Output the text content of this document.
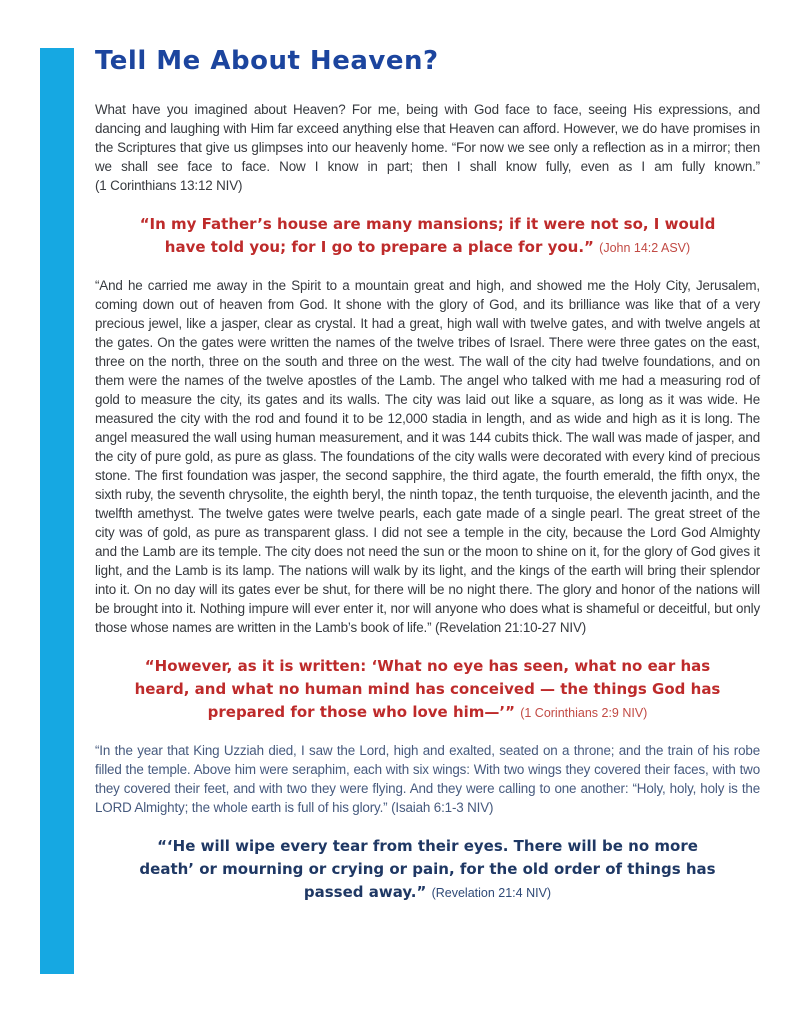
Tell Me About Heaven?

What have you imagined about Heaven? For me, being with God face to face, seeing His expressions, and dancing and laughing with Him far exceed anything else that Heaven can afford. However, we do have promises in the Scriptures that give us glimpses into our heavenly home. “For now we see only a reflection as in a mirror; then we shall see face to face. Now I know in part; then I shall know fully, even as I am fully known.” (1 Corinthians 13:12 NIV)

“In my Father’s house are many mansions; if it were not so, I would have told you; for I go to prepare a place for you.” (John 14:2 ASV)

“And he carried me away in the Spirit to a mountain great and high, and showed me the Holy City, Jerusalem, coming down out of heaven from God. It shone with the glory of God, and its brilliance was like that of a very precious jewel, like a jasper, clear as crystal. It had a great, high wall with twelve gates, and with twelve angels at the gates. On the gates were written the names of the twelve tribes of Israel. There were three gates on the east, three on the north, three on the south and three on the west. The wall of the city had twelve foundations, and on them were the names of the twelve apostles of the Lamb. The angel who talked with me had a measuring rod of gold to measure the city, its gates and its walls. The city was laid out like a square, as long as it was wide. He measured the city with the rod and found it to be 12,000 stadia in length, and as wide and high as it is long. The angel measured the wall using human measurement, and it was 144 cubits thick. The wall was made of jasper, and the city of pure gold, as pure as glass. The foundations of the city walls were decorated with every kind of precious stone. The first foundation was jasper, the second sapphire, the third agate, the fourth emerald, the fifth onyx, the sixth ruby, the seventh chrysolite, the eighth beryl, the ninth topaz, the tenth turquoise, the eleventh jacinth, and the twelfth amethyst. The twelve gates were twelve pearls, each gate made of a single pearl. The great street of the city was of gold, as pure as transparent glass. I did not see a temple in the city, because the Lord God Almighty and the Lamb are its temple. The city does not need the sun or the moon to shine on it, for the glory of God gives it light, and the Lamb is its lamp. The nations will walk by its light, and the kings of the earth will bring their splendor into it. On no day will its gates ever be shut, for there will be no night there. The glory and honor of the nations will be brought into it. Nothing impure will ever enter it, nor will anyone who does what is shameful or deceitful, but only those whose names are written in the Lamb’s book of life.” (Revelation 21:10-27 NIV)

“However, as it is written: ‘What no eye has seen, what no ear has heard, and what no human mind has conceived — the things God has prepared for those who love him—’” (1 Corinthians 2:9 NIV)

“In the year that King Uzziah died, I saw the Lord, high and exalted, seated on a throne; and the train of his robe filled the temple. Above him were seraphim, each with six wings: With two wings they covered their faces, with two they covered their feet, and with two they were flying. And they were calling to one another: “Holy, holy, holy is the LORD Almighty; the whole earth is full of his glory.” (Isaiah 6:1-3 NIV)

“‘He will wipe every tear from their eyes. There will be no more death’ or mourning or crying or pain, for the old order of things has passed away.” (Revelation 21:4 NIV)
